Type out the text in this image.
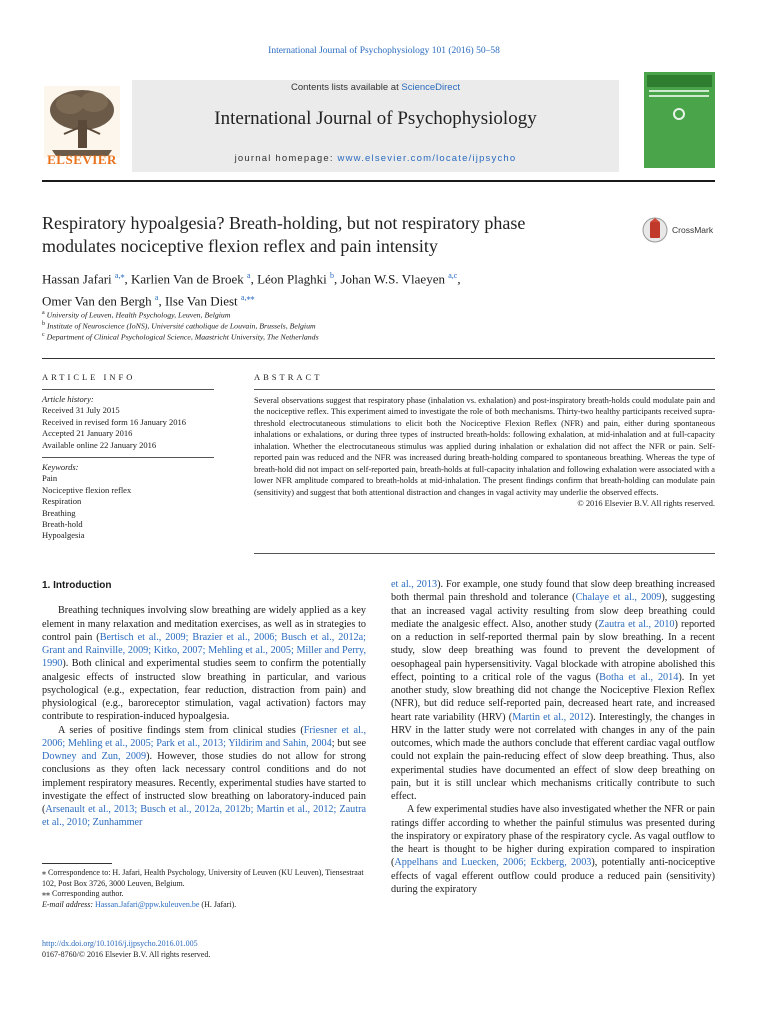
International Journal of Psychophysiology 101 (2016) 50–58
ELSEVIER
Contents lists available at ScienceDirect
International Journal of Psychophysiology
journal homepage: www.elsevier.com/locate/ijpsycho
Respiratory hypoalgesia? Breath-holding, but not respiratory phase
modulates nociceptive flexion reflex and pain intensity
CrossMark
Hassan Jafari $^{a,⁎}$, Karlien Van de Broek $^a$, Léon Plaghki $^b$, Johan W.S. Vlaeyen $^{a,c}$,
Omer Van den Bergh $^a$, Ilse Van Diest $^{a,⁎⁎}$
$^a$ University of Leuven, Health Psychology, Leuven, Belgium
$^b$ Institute of Neuroscience (IoNS), Université catholique de Louvain, Brussels, Belgium
$^c$ Department of Clinical Psychological Science, Maastricht University, The Netherlands
ARTICLE INFO	ABSTRACT
Article history:
Received 31 July 2015
Received in revised form 16 January 2016
Accepted 21 January 2016
Available online 22 January 2016
Keywords:
Pain
Nociceptive flexion reflex
Respiration
Breathing
Breath-hold
Hypoalgesia
Several observations suggest that respiratory phase (inhalation vs. exhalation) and post-inspiratory breath-holds could modulate pain and the nociceptive reflex. This experiment aimed to investigate the role of both mechanisms. Thirty-two healthy participants received supra-threshold electrocutaneous stimulations to elicit both the Nociceptive Flexion Reflex (NFR) and pain, either during spontaneous inhalations or exhalations, or during three types of instructed breath-holds: following exhalation, at mid-inhalation and at full-capacity inhalation. Whether the electrocutaneous stimulus was applied during inhalation or exhalation did not affect the NFR or pain. Self-reported pain was reduced and the NFR was increased during breath-holding compared to spontaneous breathing. Whereas the type of breath-hold did not impact on self-reported pain, breath-holds at full-capacity inhalation and following exhalation were associated with a lower NFR amplitude compared to breath-holds at mid-inhalation. The present findings confirm that breath-holding can modulate pain (sensitivity) and suggest that both attentional distraction and changes in vagal activity may underlie the observed effects.
© 2016 Elsevier B.V. All rights reserved.
1. Introduction

Breathing techniques involving slow breathing are widely applied as a key element in many relaxation and meditation exercises, as well as in strategies to control pain (Bertisch et al., 2009; Brazier et al., 2006; Busch et al., 2012a; Grant and Rainville, 2009; Kitko, 2007; Mehling et al., 2005; Miller and Perry, 1990). Both clinical and experimental studies seem to confirm the potentially analgesic effects of instructed slow breathing in particular, and various psychological (e.g., expectation, fear reduction, distraction from pain) and physiological (e.g., baroreceptor stimulation, vagal activation) factors may contribute to respiration-induced hypoalgesia.

A series of positive findings stem from clinical studies (Friesner et al., 2006; Mehling et al., 2005; Park et al., 2013; Yildirim and Sahin, 2004; but see Downey and Zun, 2009). However, those studies do not allow for strong conclusions as they often lack necessary control conditions and do not implement respiratory measures. Recently, experimental studies have started to investigate the effect of instructed slow breathing on laboratory-induced pain (Arsenault et al., 2013; Busch et al., 2012a, 2012b; Martin et al., 2012; Zautra et al., 2010; Zunhammer

et al., 2013). For example, one study found that slow deep breathing increased both thermal pain threshold and tolerance (Chalaye et al., 2009), suggesting that an increased vagal activity resulting from slow deep breathing could mediate the analgesic effect. Also, another study (Zautra et al., 2010) reported on a reduction in self-reported thermal pain by slow breathing. In a recent study, slow deep breathing was found to prevent the development of oesophageal pain hypersensitivity. Vagal blockade with atropine abolished this effect, pointing to a critical role of the vagus (Botha et al., 2014). In yet another study, slow breathing did not change the Nociceptive Flexion Reflex (NFR), but did reduce self-reported pain, decreased heart rate, and increased heart rate variability (HRV) (Martin et al., 2012). Interestingly, the changes in HRV in the latter study were not correlated with changes in any of the pain outcomes, which made the authors conclude that efferent cardiac vagal outflow could not explain the pain-reducing effect of slow deep breathing. Thus, also experimental studies have documented an effect of slow deep breathing on pain, but it is still unclear which mechanisms critically contribute to such effect.

A few experimental studies have also investigated whether the NFR or pain ratings differ according to whether the painful stimulus was presented during the inspiratory or expiratory phase of the respiratory cycle. As vagal outflow to the heart is thought to be higher during expiration compared to inspiration (Appelhans and Luecken, 2006; Eckberg, 2003), potentially anti-nociceptive effects of vagal efferent outflow could produce a reduced pain (sensitivity) during the expiratory

⁎ Correspondence to: H. Jafari, Health Psychology, University of Leuven (KU Leuven), Tiensestraat 102, Post Box 3726, 3000 Leuven, Belgium.

⁎⁎ Corresponding author.

E-mail address: Hassan.Jafari@ppw.kuleuven.be (H. Jafari).

http://dx.doi.org/10.1016/j.ijpsycho.2016.01.005
0167-8760/© 2016 Elsevier B.V. All rights reserved.
